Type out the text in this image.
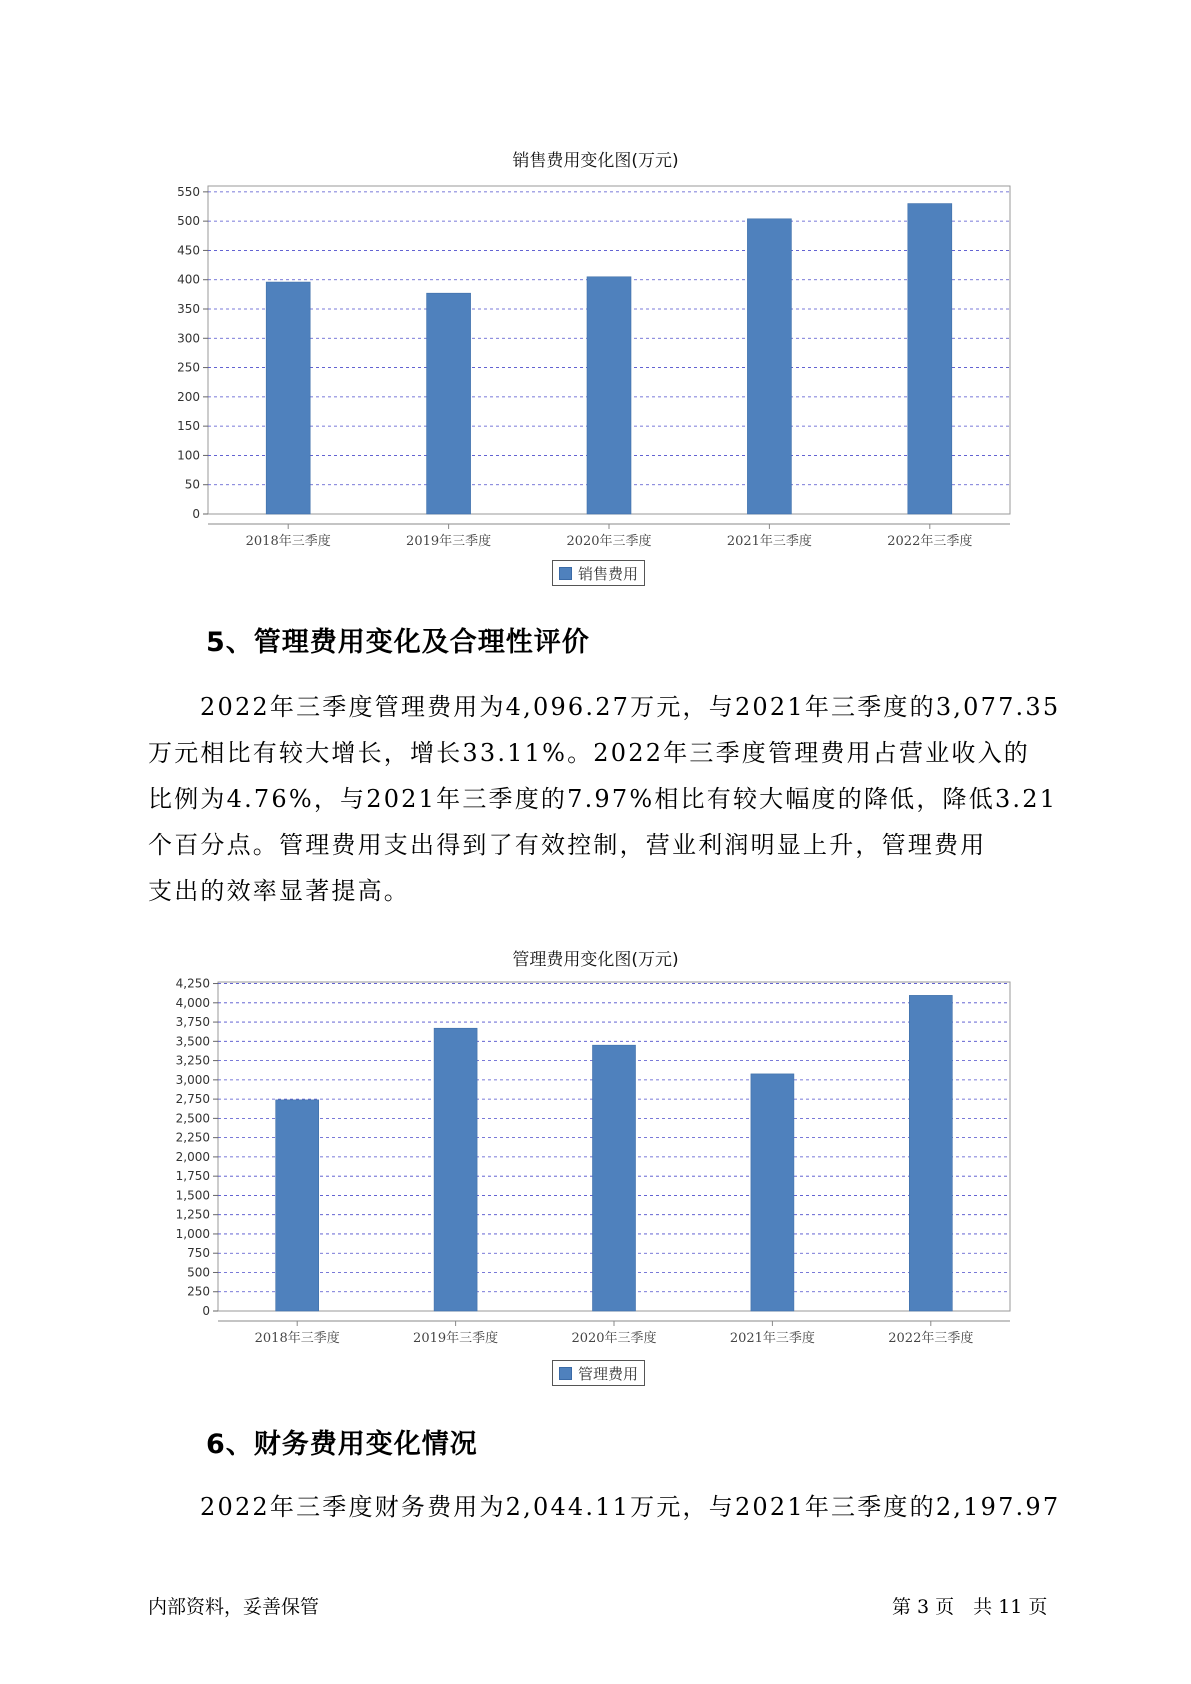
销售费用变化图(万元)
0
50
100
150
200
250
300
350
400
450
500
550
2018年三季度	2019年三季度	2020年三季度	2021年三季度	2022年三季度
销售费用
5、管理费用变化及合理性评价
2022年三季度管理费用为4,096.27万元，与2021年三季度的3,077.35
万元相比有较大增长，增长33.11%。2022年三季度管理费用占营业收入的
比例为4.76%，与2021年三季度的7.97%相比有较大幅度的降低，降低3.21
个百分点。管理费用支出得到了有效控制，营业利润明显上升，管理费用
支出的效率显著提高。
管理费用变化图(万元)
0
250
500
750
1,000
1,250
1,500
1,750
2,000
2,250
2,500
2,750
3,000
3,250
3,500
3,750
4,000
4,250
2018年三季度	2019年三季度	2020年三季度	2021年三季度	2022年三季度
管理费用
6、财务费用变化情况
2022年三季度财务费用为2,044.11万元，与2021年三季度的2,197.97
内部资料，妥善保管	第 3 页　共 11 页
